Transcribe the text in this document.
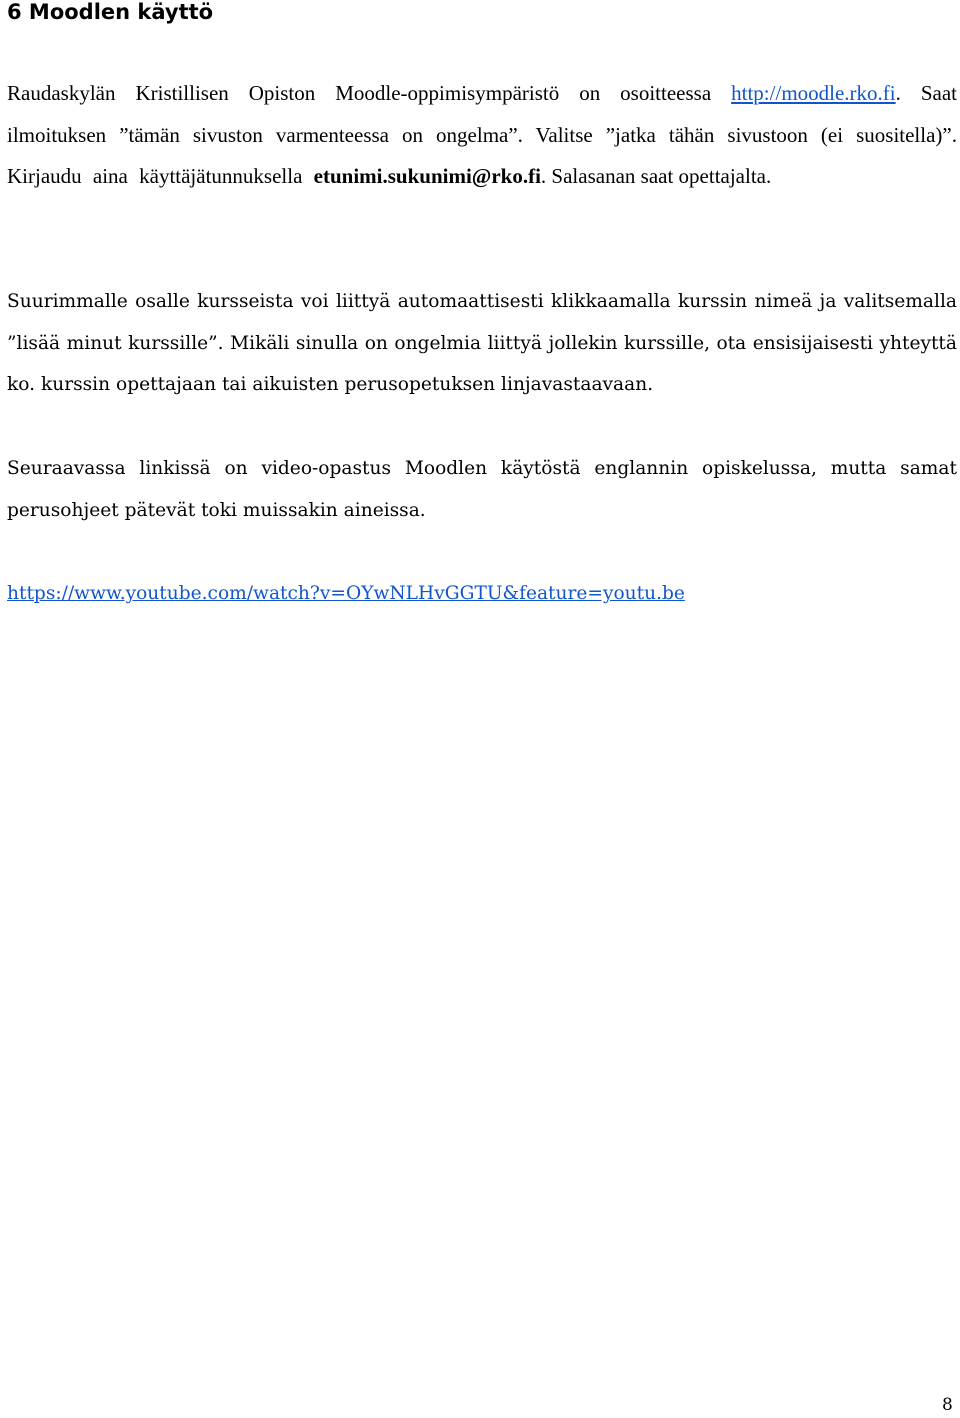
6 Moodlen käyttö

Raudaskylän Kristillisen Opiston Moodle-oppimisympäristö on osoitteessa http://moodle.rko.fi. Saat ilmoituksen ”tämän sivuston varmenteessa on ongelma”. Valitse ”jatka tähän sivustoon (ei suositella)”. Kirjaudu aina käyttäjätunnuksella etunimi.sukunimi@rko.fi. Salasanan saat opettajalta.

Suurimmalle osalle kursseista voi liittyä automaattisesti klikkaamalla kurssin nimeä ja valitsemalla ”lisää minut kurssille”. Mikäli sinulla on ongelmia liittyä jollekin kurssille, ota ensisijaisesti yhteyttä ko. kurssin opettajaan tai aikuisten perusopetuksen linjavastaavaan.

Seuraavassa linkissä on video-opastus Moodlen käytöstä englannin opiskelussa, mutta samat perusohjeet pätevät toki muissakin aineissa.

https://www.youtube.com/watch?v=OYwNLHvGGTU&feature=youtu.be

8
